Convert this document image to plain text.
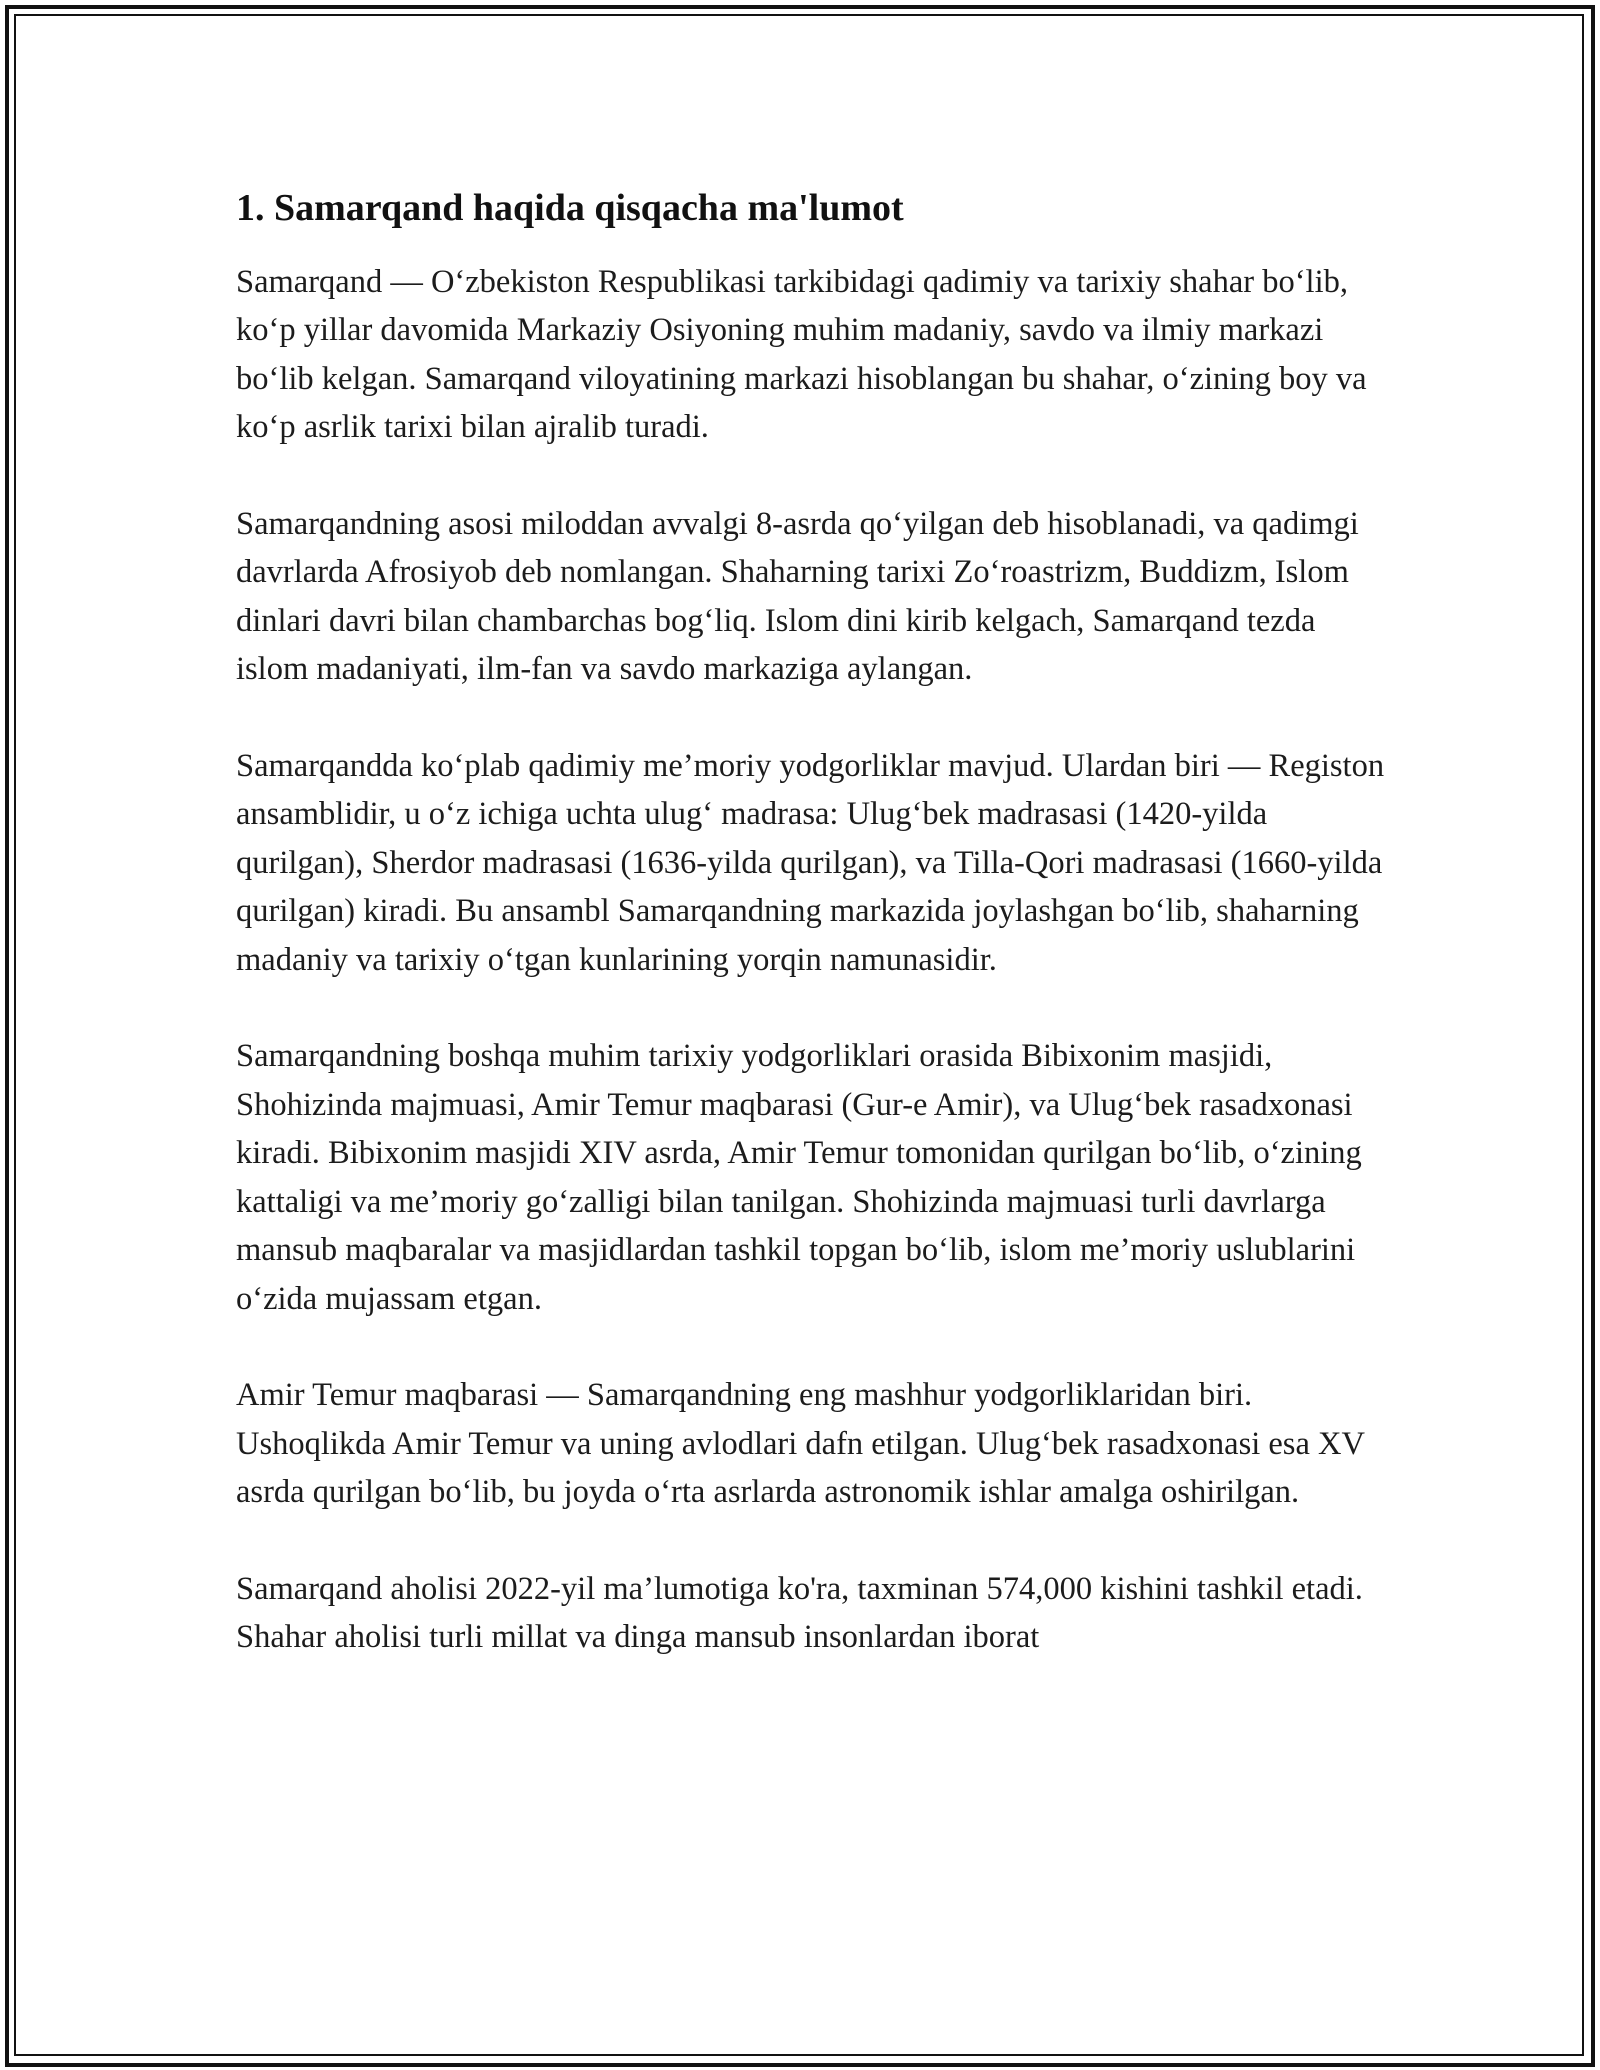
1. Samarqand haqida qisqacha ma'lumot

Samarqand — O‘zbekiston Respublikasi tarkibidagi qadimiy va tarixiy shahar bo‘lib, ko‘p yillar davomida Markaziy Osiyoning muhim madaniy, savdo va ilmiy markazi bo‘lib kelgan. Samarqand viloyatining markazi hisoblangan bu shahar, o‘zining boy va ko‘p asrlik tarixi bilan ajralib turadi.

Samarqandning asosi miloddan avvalgi 8-asrda qo‘yilgan deb hisoblanadi, va qadimgi davrlarda Afrosiyob deb nomlangan. Shaharning tarixi Zo‘roastrizm, Buddizm, Islom dinlari davri bilan chambarchas bog‘liq. Islom dini kirib kelgach, Samarqand tezda islom madaniyati, ilm-fan va savdo markaziga aylangan.

Samarqandda ko‘plab qadimiy me’moriy yodgorliklar mavjud. Ulardan biri — Registon ansamblidir, u o‘z ichiga uchta ulug‘ madrasa: Ulug‘bek madrasasi (1420-yilda qurilgan), Sherdor madrasasi (1636-yilda qurilgan), va Tilla-Qori madrasasi (1660-yilda qurilgan) kiradi. Bu ansambl Samarqandning markazida joylashgan bo‘lib, shaharning madaniy va tarixiy o‘tgan kunlarining yorqin namunasidir.

Samarqandning boshqa muhim tarixiy yodgorliklari orasida Bibixonim masjidi, Shohizinda majmuasi, Amir Temur maqbarasi (Gur-e Amir), va Ulug‘bek rasadxonasi kiradi. Bibixonim masjidi XIV asrda, Amir Temur tomonidan qurilgan bo‘lib, o‘zining kattaligi va me’moriy go‘zalligi bilan tanilgan. Shohizinda majmuasi turli davrlarga mansub maqbaralar va masjidlardan tashkil topgan bo‘lib, islom me’moriy uslublarini o‘zida mujassam etgan.

Amir Temur maqbarasi — Samarqandning eng mashhur yodgorliklaridan biri. Ushoqlikda Amir Temur va uning avlodlari dafn etilgan. Ulug‘bek rasadxonasi esa XV asrda qurilgan bo‘lib, bu joyda o‘rta asrlarda astronomik ishlar amalga oshirilgan.

Samarqand aholisi 2022-yil ma’lumotiga ko'ra, taxminan 574,000 kishini tashkil etadi. Shahar aholisi turli millat va dinga mansub insonlardan iborat
